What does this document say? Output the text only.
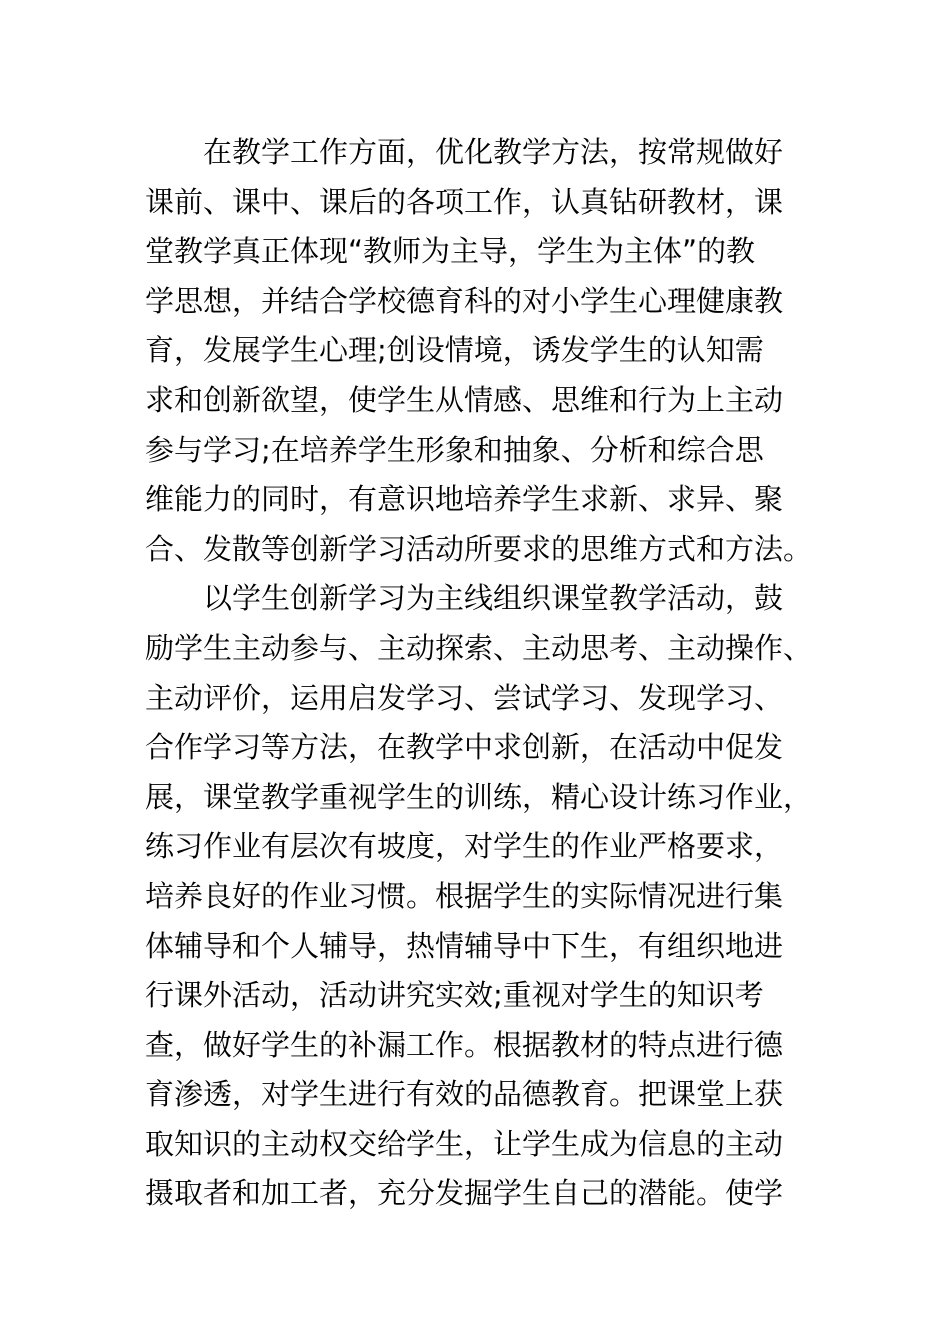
在教学工作方面，优化教学方法，按常规做好
课前、课中、课后的各项工作，认真钻研教材，课
堂教学真正体现“教师为主导，学生为主体”的教
学思想，并结合学校德育科的对小学生心理健康教
育，发展学生心理;创设情境，诱发学生的认知需
求和创新欲望，使学生从情感、思维和行为上主动
参与学习;在培养学生形象和抽象、分析和综合思
维能力的同时，有意识地培养学生求新、求异、聚
合、发散等创新学习活动所要求的思维方式和方法。
以学生创新学习为主线组织课堂教学活动，鼓
励学生主动参与、主动探索、主动思考、主动操作、
主动评价，运用启发学习、尝试学习、发现学习、
合作学习等方法，在教学中求创新，在活动中促发
展，课堂教学重视学生的训练，精心设计练习作业，
练习作业有层次有坡度，对学生的作业严格要求，
培养良好的作业习惯。根据学生的实际情况进行集
体辅导和个人辅导，热情辅导中下生，有组织地进
行课外活动，活动讲究实效;重视对学生的知识考
查，做好学生的补漏工作。根据教材的特点进行德
育渗透，对学生进行有效的品德教育。把课堂上获
取知识的主动权交给学生，让学生成为信息的主动
摄取者和加工者，充分发掘学生自己的潜能。使学
